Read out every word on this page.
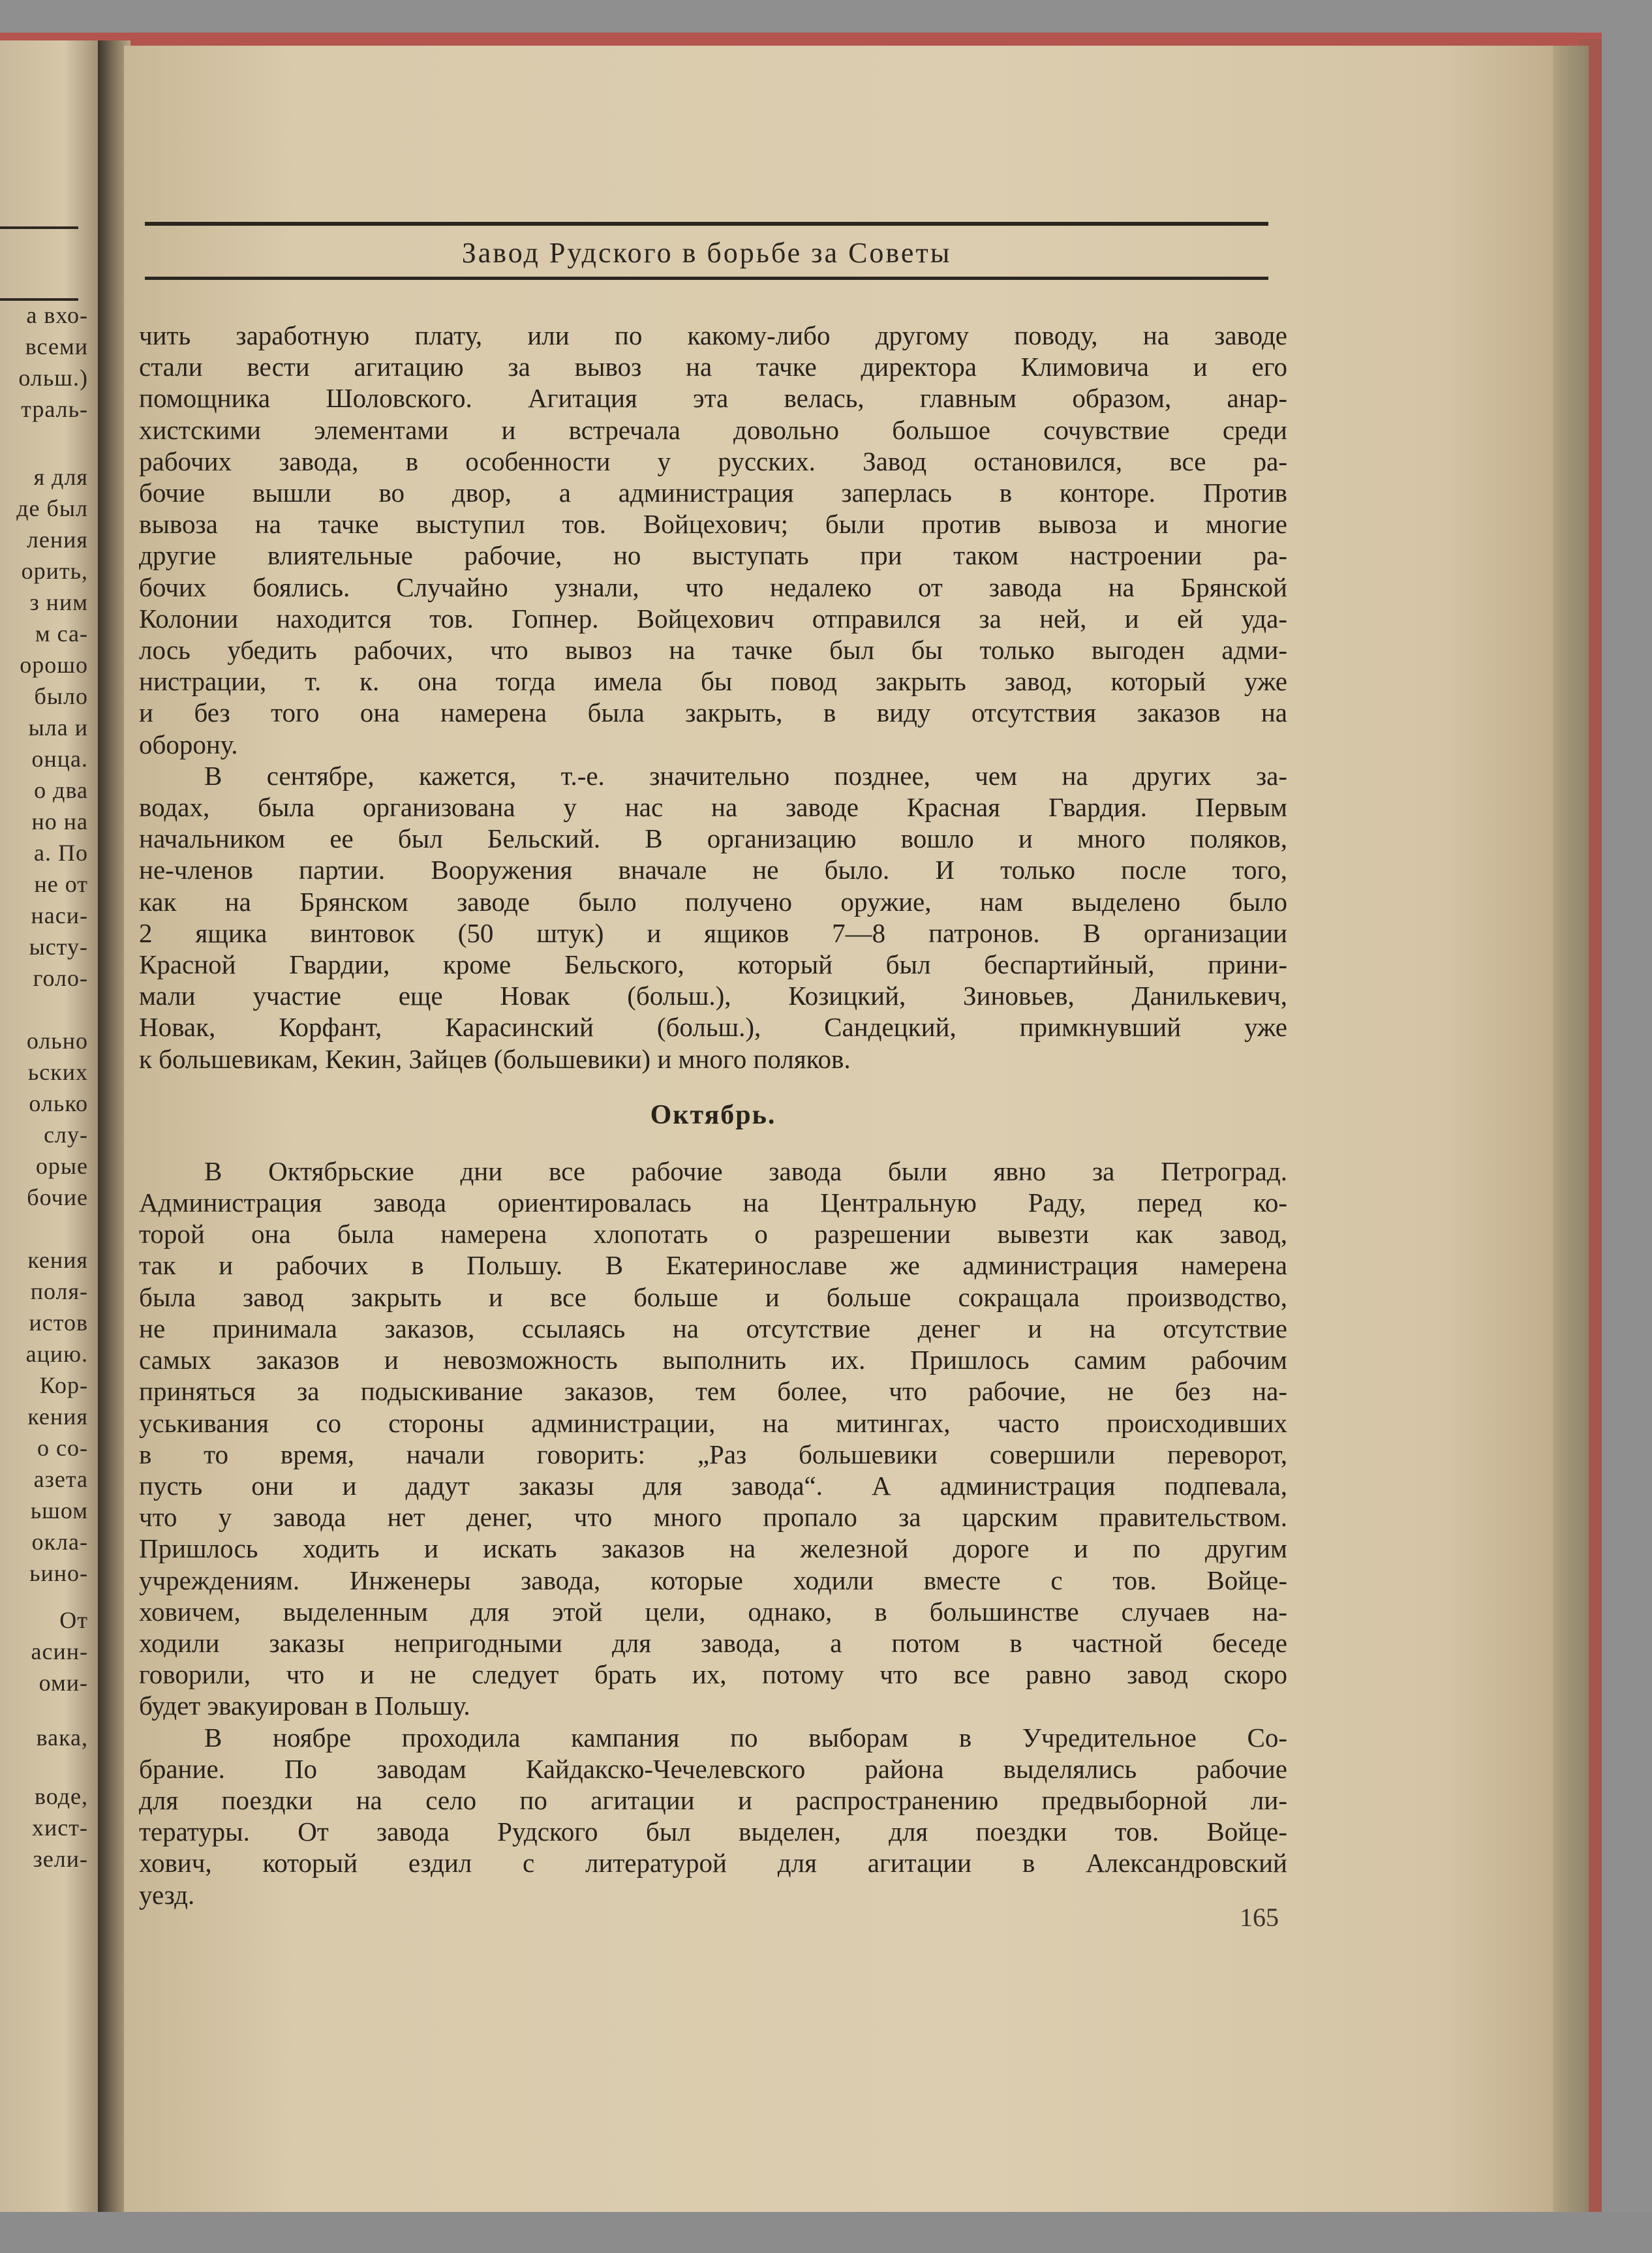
а вхо-
всеми
ольш.)
траль-
я для
де был
ления
орить,
з ним
м са-
орошо
было
ыла и
онца.
о два
но на
а. По
не от
наси-
ысту-
голо-
ольно
ьских
олько
слу-
орые
бочие
кения
поля-
истов
ацию.
Кор-
кения
о со-
азета
ьшом
окла-
ьино-
От
асин-
оми-
вака,
воде,
хист-
зели-
Завод Рудского в борьбе за Советы
чить заработную плату, или по какому-либо другому поводу, на заводе
стали вести агитацию за вывоз на тачке директора Климовича и его
помощника Шоловского. Агитация эта велась, главным образом, анар-
хистскими элементами и встречала довольно большое сочувствие среди
рабочих завода, в особенности у русских. Завод остановился, все ра-
бочие вышли во двор, а администрация заперлась в конторе. Против
вывоза на тачке выступил тов. Войцехович; были против вывоза и многие
другие влиятельные рабочие, но выступать при таком настроении ра-
бочих боялись. Случайно узнали, что недалеко от завода на Брянской
Колонии находится тов. Гопнер. Войцехович отправился за ней, и ей уда-
лось убедить рабочих, что вывоз на тачке был бы только выгоден адми-
нистрации, т. к. она тогда имела бы повод закрыть завод, который уже
и без того она намерена была закрыть, в виду отсутствия заказов на
оборону.
В сентябре, кажется, т.-е. значительно позднее, чем на других за-
водах, была организована у нас на заводе Красная Гвардия. Первым
начальником ее был Бельский. В организацию вошло и много поляков,
не-членов партии. Вооружения вначале не было. И только после того,
как на Брянском заводе было получено оружие, нам выделено было
2 ящика винтовок (50 штук) и ящиков 7—8 патронов. В организации
Красной Гвардии, кроме Бельского, который был беспартийный, прини-
мали участие еще Новак (больш.), Козицкий, Зиновьев, Данилькевич,
Новак, Корфант, Карасинский (больш.), Сандецкий, примкнувший уже
к большевикам, Кекин, Зайцев (большевики) и много поляков.
Октябрь.
В Октябрьские дни все рабочие завода были явно за Петроград.
Администрация завода ориентировалась на Центральную Раду, перед ко-
торой она была намерена хлопотать о разрешении вывезти как завод,
так и рабочих в Польшу. В Екатеринославе же администрация намерена
была завод закрыть и все больше и больше сокращала производство,
не принимала заказов, ссылаясь на отсутствие денег и на отсутствие
самых заказов и невозможность выполнить их. Пришлось самим рабочим
приняться за подыскивание заказов, тем более, что рабочие, не без на-
уськивания со стороны администрации, на митингах, часто происходивших
в то время, начали говорить: „Раз большевики совершили переворот,
пусть они и дадут заказы для завода“. А администрация подпевала,
что у завода нет денег, что много пропало за царским правительством.
Пришлось ходить и искать заказов на железной дороге и по другим
учреждениям. Инженеры завода, которые ходили вместе с тов. Войце-
ховичем, выделенным для этой цели, однако, в большинстве случаев на-
ходили заказы непригодными для завода, а потом в частной беседе
говорили, что и не следует брать их, потому что все равно завод скоро
будет эвакуирован в Польшу.
В ноябре проходила кампания по выборам в Учредительное Со-
брание. По заводам Кайдакско-Чечелевского района выделялись рабочие
для поездки на село по агитации и распространению предвыборной ли-
тературы. От завода Рудского был выделен, для поездки тов. Войце-
хович, который ездил с литературой для агитации в Александровский
уезд.
165
